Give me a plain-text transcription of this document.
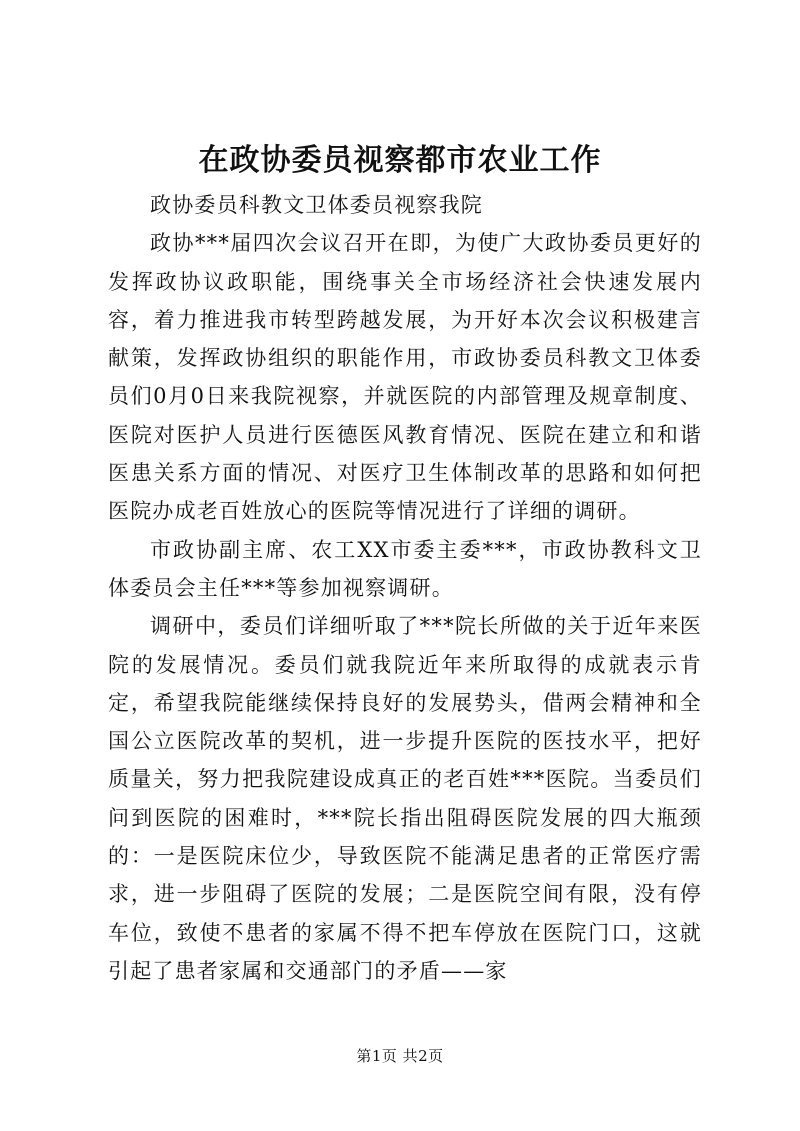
在政协委员视察都市农业工作

政协委员科教文卫体委员视察我院

政协***届四次会议召开在即，为使广大政协委员更好的发挥政协议政职能，围绕事关全市场经济社会快速发展内容，着力推进我市转型跨越发展，为开好本次会议积极建言献策，发挥政协组织的职能作用，市政协委员科教文卫体委员们0月0日来我院视察，并就医院的内部管理及规章制度、医院对医护人员进行医德医风教育情况、医院在建立和和谐医患关系方面的情况、对医疗卫生体制改革的思路和如何把医院办成老百姓放心的医院等情况进行了详细的调研。

市政协副主席、农工XX市委主委***，市政协教科文卫体委员会主任***等参加视察调研。

调研中，委员们详细听取了***院长所做的关于近年来医院的发展情况。委员们就我院近年来所取得的成就表示肯定，希望我院能继续保持良好的发展势头，借两会精神和全国公立医院改革的契机，进一步提升医院的医技水平，把好质量关，努力把我院建设成真正的老百姓***医院。当委员们问到医院的困难时，***院长指出阻碍医院发展的四大瓶颈的：一是医院床位少，导致医院不能满足患者的正常医疗需求，进一步阻碍了医院的发展；二是医院空间有限，没有停车位，致使不患者的家属不得不把车停放在医院门口，这就引起了患者家属和交通部门的矛盾——家

第1页 共2页
